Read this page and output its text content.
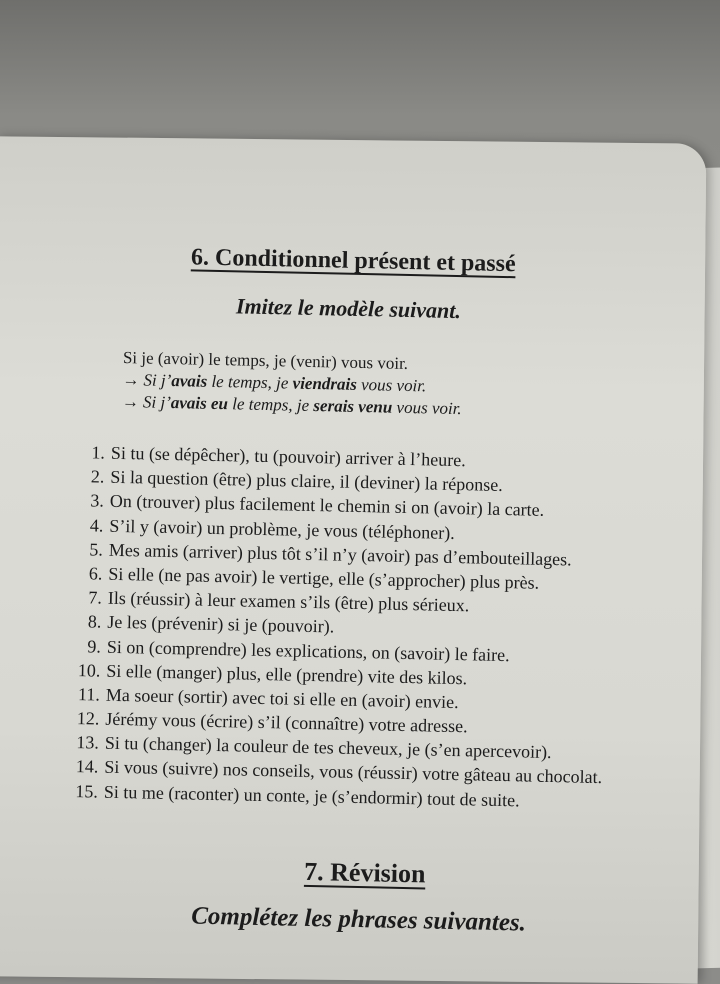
6. Conditionnel présent et passé
Imitez le modèle suivant.
Si je (avoir) le temps, je (venir) vous voir.
→ Si j’avais le temps, je viendrais vous voir.
→ Si j’avais eu le temps, je serais venu vous voir.
1. Si tu (se dépêcher), tu (pouvoir) arriver à l’heure.
2. Si la question (être) plus claire, il (deviner) la réponse.
3. On (trouver) plus facilement le chemin si on (avoir) la carte.
4. S’il y (avoir) un problème, je vous (téléphoner).
5. Mes amis (arriver) plus tôt s’il n’y (avoir) pas d’embouteillages.
6. Si elle (ne pas avoir) le vertige, elle (s’approcher) plus près.
7. Ils (réussir) à leur examen s’ils (être) plus sérieux.
8. Je les (prévenir) si je (pouvoir).
9. Si on (comprendre) les explications, on (savoir) le faire.
10. Si elle (manger) plus, elle (prendre) vite des kilos.
11. Ma soeur (sortir) avec toi si elle en (avoir) envie.
12. Jérémy vous (écrire) s’il (connaître) votre adresse.
13. Si tu (changer) la couleur de tes cheveux, je (s’en apercevoir).
14. Si vous (suivre) nos conseils, vous (réussir) votre gâteau au chocolat.
15. Si tu me (raconter) un conte, je (s’endormir) tout de suite.
7. Révision
Complétez les phrases suivantes.
